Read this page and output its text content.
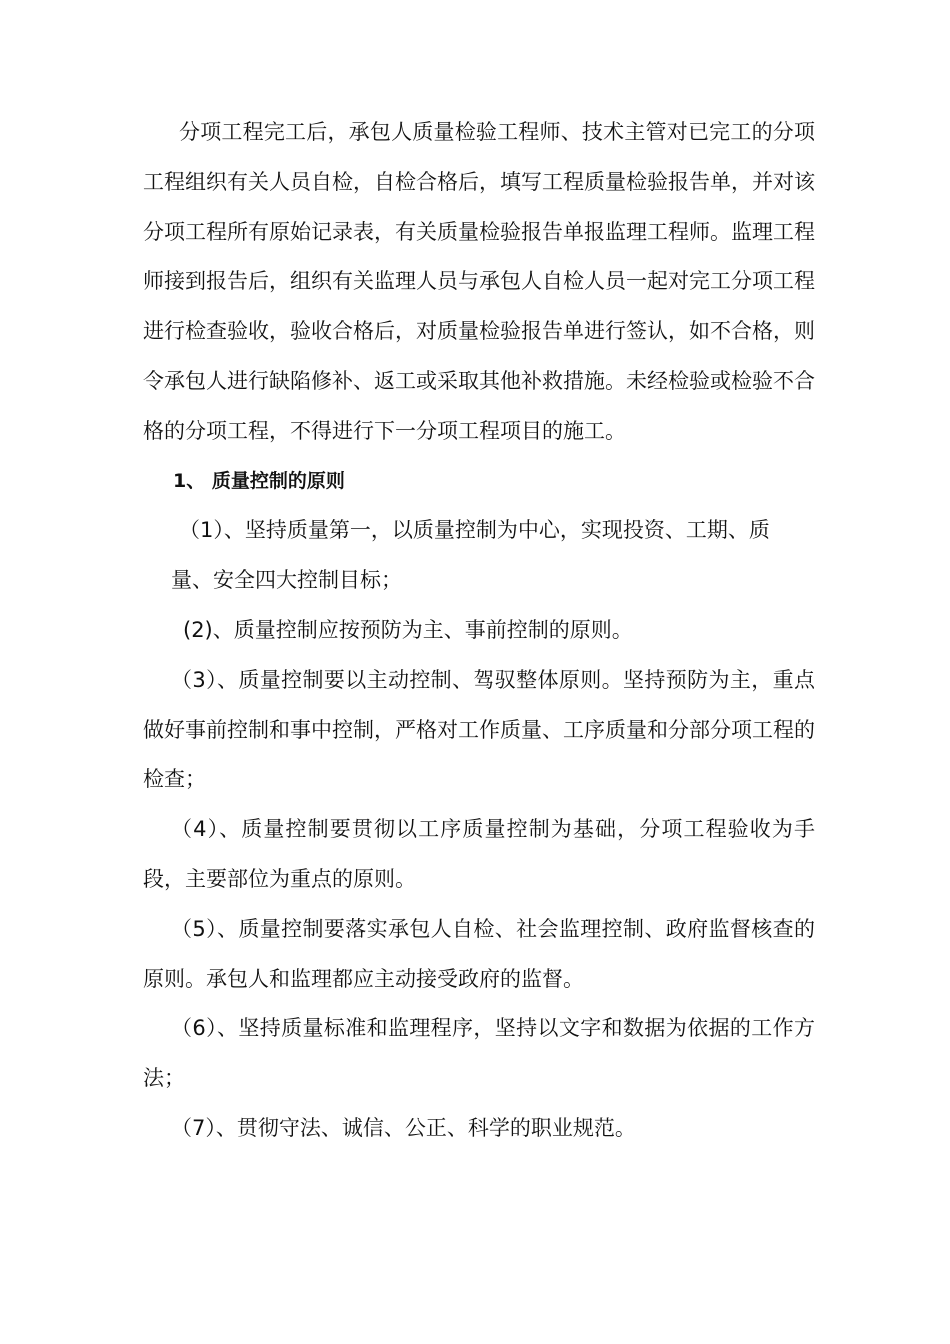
分项工程完工后，承包人质量检验工程师、技术主管对已完工的分项工程组织有关人员自检，自检合格后，填写工程质量检验报告单，并对该分项工程所有原始记录表，有关质量检验报告单报监理工程师。监理工程师接到报告后，组织有关监理人员与承包人自检人员一起对完工分项工程进行检查验收，验收合格后，对质量检验报告单进行签认，如不合格，则令承包人进行缺陷修补、返工或采取其他补救措施。未经检验或检验不合格的分项工程，不得进行下一分项工程项目的施工。

1、 质量控制的原则

（1）、坚持质量第一，以质量控制为中心，实现投资、工期、质
量、安全四大控制目标；

(2)、质量控制应按预防为主、事前控制的原则。

（3）、质量控制要以主动控制、驾驭整体原则。坚持预防为主，重点做好事前控制和事中控制，严格对工作质量、工序质量和分部分项工程的检查；

（4）、质量控制要贯彻以工序质量控制为基础，分项工程验收为手段，主要部位为重点的原则。

（5）、质量控制要落实承包人自检、社会监理控制、政府监督核查的原则。承包人和监理都应主动接受政府的监督。

（6）、坚持质量标准和监理程序，坚持以文字和数据为依据的工作方法；

（7）、贯彻守法、诚信、公正、科学的职业规范。
